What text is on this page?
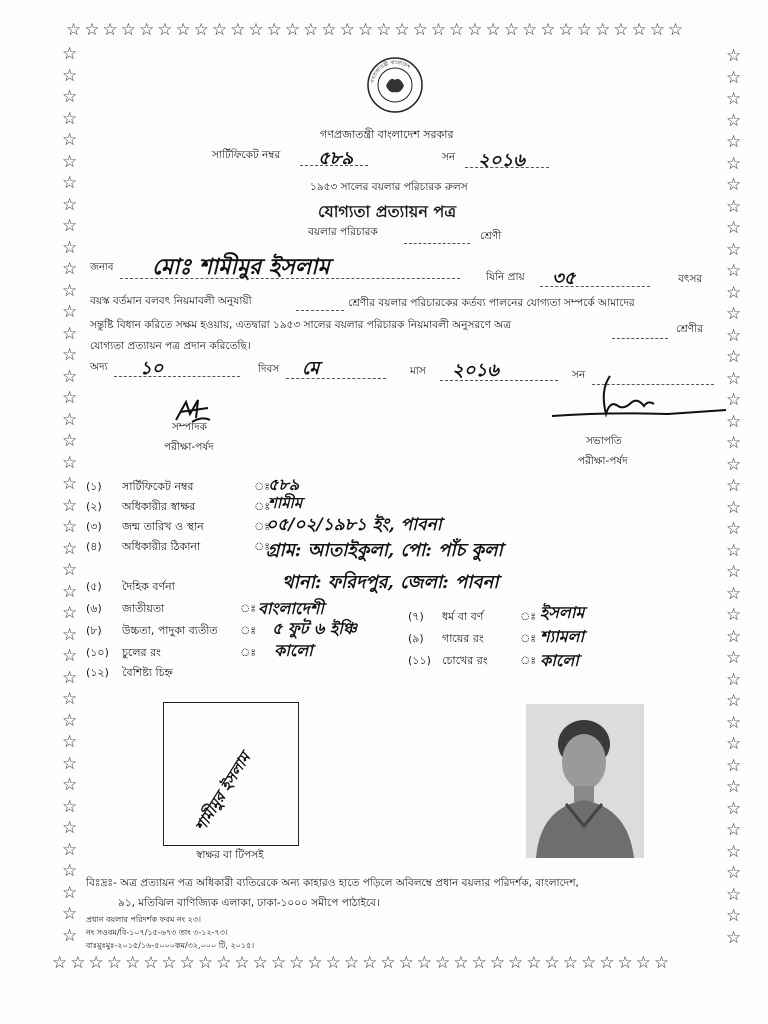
☆☆☆☆☆☆☆☆☆☆☆☆☆☆☆☆☆☆☆☆☆☆☆☆☆☆☆☆☆☆☆☆☆☆
☆☆☆☆☆☆☆☆☆☆☆☆☆☆☆☆☆☆☆☆☆☆☆☆☆☆☆☆☆☆☆☆☆☆
☆ ☆ ☆ ☆ ☆ ☆ ☆ ☆ ☆ ☆ ☆ ☆ ☆ ☆ ☆ ☆ ☆ ☆ ☆ ☆ ☆ ☆ ☆ ☆ ☆ ☆ ☆ ☆ ☆ ☆ ☆ ☆ ☆ ☆ ☆ ☆ ☆ ☆ ☆ ☆ ☆ ☆
☆ ☆ ☆ ☆ ☆ ☆ ☆ ☆ ☆ ☆ ☆ ☆ ☆ ☆ ☆ ☆ ☆ ☆ ☆ ☆ ☆ ☆ ☆ ☆ ☆ ☆ ☆ ☆ ☆ ☆ ☆ ☆ ☆ ☆ ☆ ☆ ☆ ☆ ☆ ☆ ☆ ☆
গণপ্রজাতন্ত্রী বাংলাদেশ
গণপ্রজাতন্ত্রী বাংলাদেশ সরকার
সার্টিফিকেট নম্বর ৫৮৯	সন ২০১৬
১৯৫৩ সালের বয়লার পরিচারক রুলস
যোগ্যতা প্রত্যায়ন পত্র
বয়লার পরিচারক	শ্রেণী
জনাব মোঃ শামীমুর ইসলাম	যিনি প্রায় ৩৫	বৎসর
বয়স্ক বর্তমান বলবৎ নিয়মাবলী অনুযায়ী	শ্রেণীর বয়লার পরিচারকের কর্তব্য পালনের যোগ্যতা সম্পর্কে আমাদের
সন্তুষ্টি বিধান করিতে সক্ষম হওয়ায়, এতদ্বারা ১৯৫৩ সালের বয়লার পরিচারক নিয়মাবলী অনুসরণে অত্র	শ্রেণীর
যোগ্যতা প্রত্যায়ন পত্র প্রদান করিতেছি।
অদ্য ১০	দিবস মে	মাস ২০১৬	সন
সম্পাদক
পরীক্ষা-পর্ষদ	সভাপতি
পরীক্ষা-পর্ষদ
(১) সার্টিফিকেট নম্বর	ঃ
৫৮৯
(২) অধিকারীর স্বাক্ষর	ঃ
শামীম
(৩) জন্ম তারিখ ও স্থান	ঃ
০৫/০২/১৯৮১ ইং, পাবনা
(৪) অধিকারীর ঠিকানা	ঃ
গ্রাম: আতাইকুলা, পো: পাঁচ কুলা
থানা: ফরিদপুর, জেলা: পাবনা
(৫) দৈহিক বর্ণনা
(৬) জাতীয়তা	ঃ বাংলাদেশী
(৮) উচ্চতা, পাদুকা ব্যতীত ঃ ৫ ফুট ৬ ইঞ্চি
(১০) চুলের রং	ঃ কালো
(১২) বৈশিষ্ট্য চিহ্ন
(৭) ধর্ম বা বর্ণ	ঃ ইসলাম
(৯) গায়ের রং	ঃ শ্যামলা
(১১) চোখের রং	ঃ কালো
শামীমুর ইসলাম
স্বাক্ষর বা টিপসই
বিঃদ্রঃ- অত্র প্রত্যায়ন পত্র অধিকারী ব্যতিরেকে অন্য কাহারও হাতে পড়িলে অবিলম্বে প্রধান বয়লার পরিদর্শক, বাংলাদেশ,
৯১, মতিঝিল বাণিজ্যিক এলাকা, ঢাকা-১০০০ সমীপে পাঠাইবে।
প্রধান বয়লার পরিদর্শক ফরম নং ২৩।
নং সওবম/বি-১০৭/১৫-৬৭৩ তাং ৩-১২-৭৩।
বাঃমুঃমুঃ-২০১৫/১৬-৫০০০কম/৩২,০০০ টি, ২০১৫।
